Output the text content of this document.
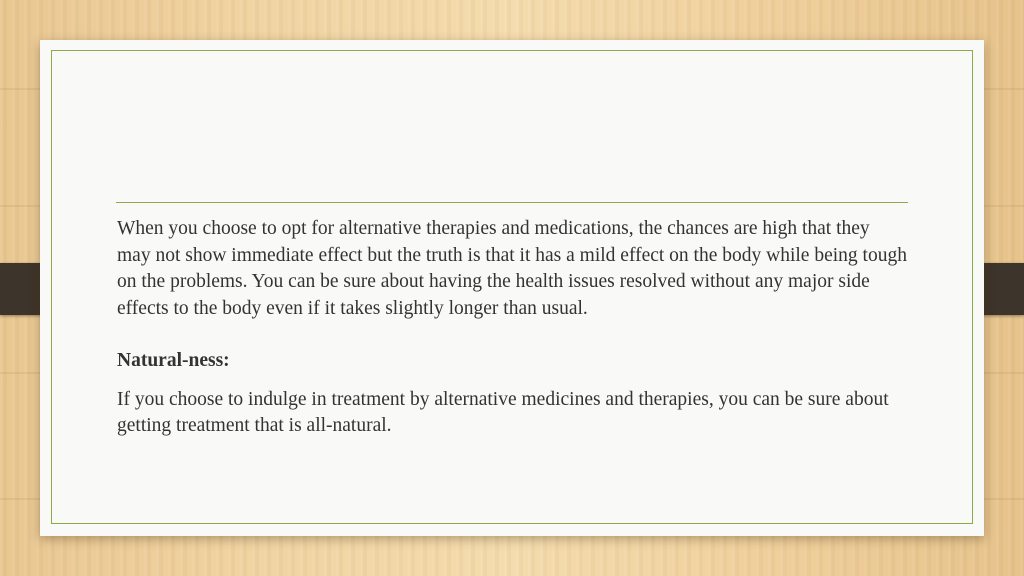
When you choose to opt for alternative therapies and medications, the chances are high that they may not show immediate effect but the truth is that it has a mild effect on the body while being tough on the problems. You can be sure about having the health issues resolved without any major side effects to the body even if it takes slightly longer than usual.

Natural-ness:

If you choose to indulge in treatment by alternative medicines and therapies, you can be sure about getting treatment that is all-natural.
